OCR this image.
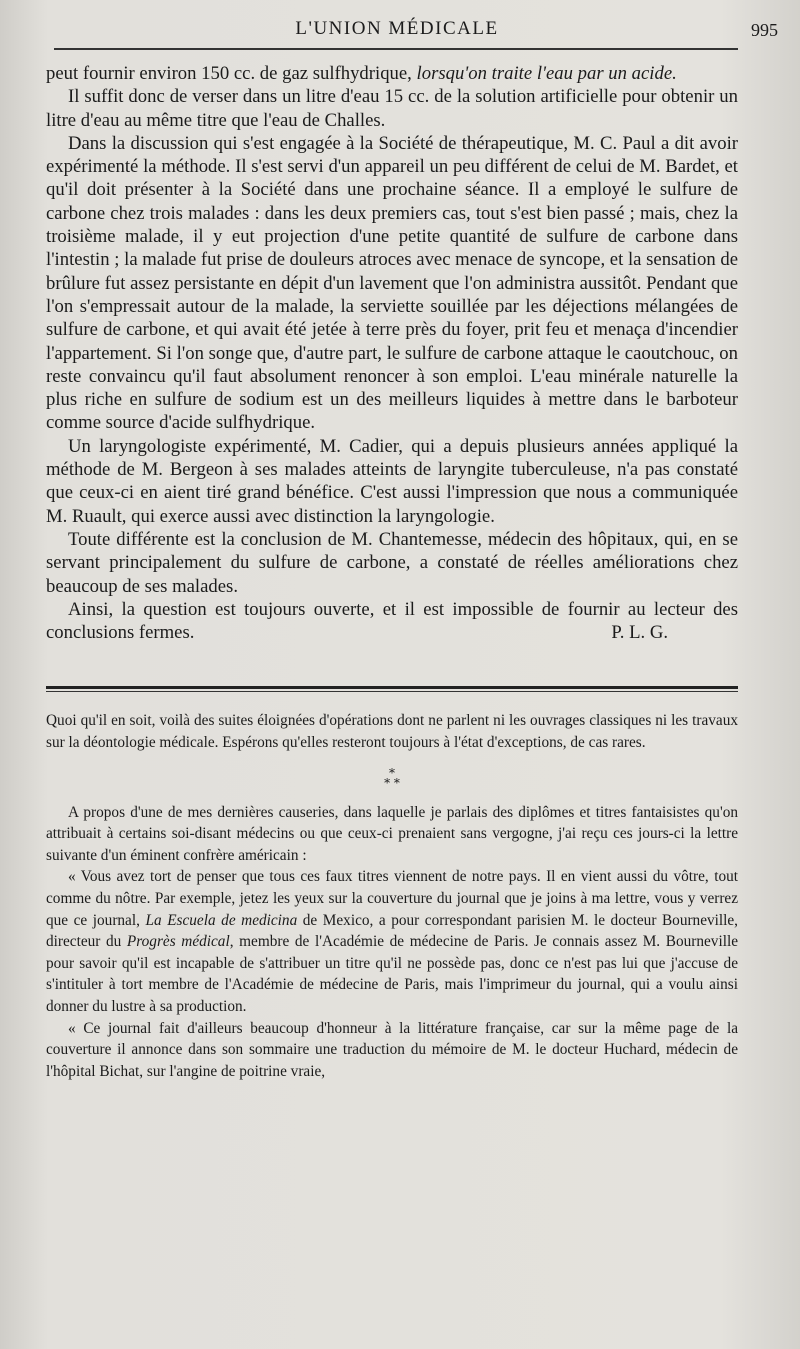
L'UNION MÉDICALE	995

peut fournir environ 150 cc. de gaz sulfhydrique, lorsqu'on traite l'eau par un acide.

Il suffit donc de verser dans un litre d'eau 15 cc. de la solution artificielle pour obtenir un litre d'eau au même titre que l'eau de Challes.

Dans la discussion qui s'est engagée à la Société de thérapeutique, M. C. Paul a dit avoir expérimenté la méthode. Il s'est servi d'un appareil un peu différent de celui de M. Bardet, et qu'il doit présenter à la Société dans une prochaine séance. Il a employé le sulfure de carbone chez trois malades : dans les deux premiers cas, tout s'est bien passé ; mais, chez la troisième malade, il y eut projection d'une petite quantité de sulfure de carbone dans l'intestin ; la malade fut prise de douleurs atroces avec menace de syncope, et la sensation de brûlure fut assez persistante en dépit d'un lavement que l'on administra aussitôt. Pendant que l'on s'empressait autour de la malade, la serviette souillée par les déjections mélangées de sulfure de carbone, et qui avait été jetée à terre près du foyer, prit feu et menaça d'incendier l'appartement. Si l'on songe que, d'autre part, le sulfure de carbone attaque le caoutchouc, on reste convaincu qu'il faut absolument renoncer à son emploi. L'eau minérale naturelle la plus riche en sulfure de sodium est un des meilleurs liquides à mettre dans le barboteur comme source d'acide sulfhydrique.

Un laryngologiste expérimenté, M. Cadier, qui a depuis plusieurs années appliqué la méthode de M. Bergeon à ses malades atteints de laryngite tuberculeuse, n'a pas constaté que ceux-ci en aient tiré grand bénéfice. C'est aussi l'impression que nous a communiquée M. Ruault, qui exerce aussi avec distinction la laryngologie.

Toute différente est la conclusion de M. Chantemesse, médecin des hôpitaux, qui, en se servant principalement du sulfure de carbone, a constaté de réelles améliorations chez beaucoup de ses malades.

Ainsi, la question est toujours ouverte, et il est impossible de fournir au lecteur des conclusions fermes.	P. L. G.

Quoi qu'il en soit, voilà des suites éloignées d'opérations dont ne parlent ni les ouvrages classiques ni les travaux sur la déontologie médicale. Espérons qu'elles resteront toujours à l'état d'exceptions, de cas rares.

*
* *

A propos d'une de mes dernières causeries, dans laquelle je parlais des diplômes et titres fantaisistes qu'on attribuait à certains soi-disant médecins ou que ceux-ci prenaient sans vergogne, j'ai reçu ces jours-ci la lettre suivante d'un éminent confrère américain :

« Vous avez tort de penser que tous ces faux titres viennent de notre pays. Il en vient aussi du vôtre, tout comme du nôtre. Par exemple, jetez les yeux sur la couverture du journal que je joins à ma lettre, vous y verrez que ce journal, La Escuela de medicina de Mexico, a pour correspondant parisien M. le docteur Bourneville, directeur du Progrès médical, membre de l'Académie de médecine de Paris. Je connais assez M. Bourneville pour savoir qu'il est incapable de s'attribuer un titre qu'il ne possède pas, donc ce n'est pas lui que j'accuse de s'intituler à tort membre de l'Académie de médecine de Paris, mais l'imprimeur du journal, qui a voulu ainsi donner du lustre à sa production.

« Ce journal fait d'ailleurs beaucoup d'honneur à la littérature française, car sur la même page de la couverture il annonce dans son sommaire une traduction du mémoire de M. le docteur Huchard, médecin de l'hôpital Bichat, sur l'angine de poitrine vraie,
